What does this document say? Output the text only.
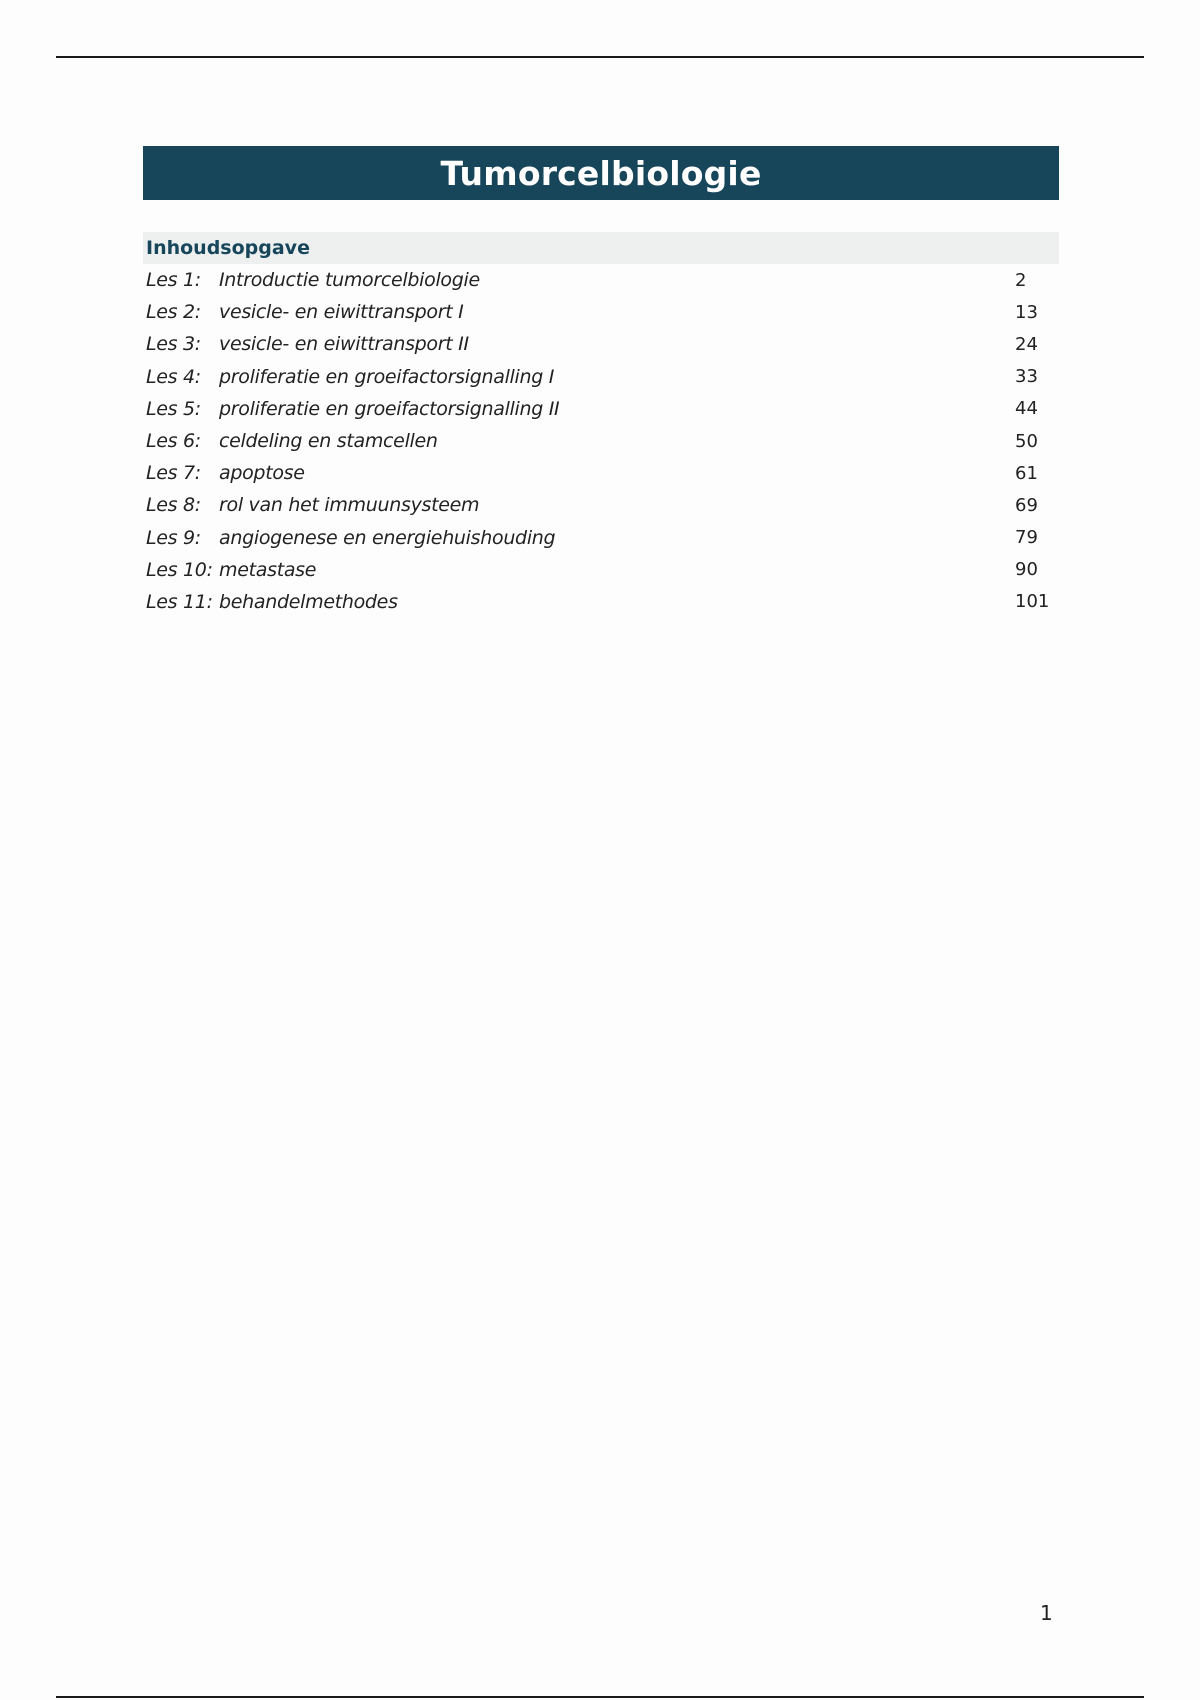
Tumorcelbiologie
Inhoudsopgave
Les 1: Introductie tumorcelbiologie	2
Les 2: vesicle- en eiwittransport I	13
Les 3: vesicle- en eiwittransport II	24
Les 4: proliferatie en groeifactorsignalling I	33
Les 5: proliferatie en groeifactorsignalling II	44
Les 6: celdeling en stamcellen	50
Les 7: apoptose	61
Les 8: rol van het immuunsysteem	69
Les 9: angiogenese en energiehuishouding	79
Les 10: metastase	90
Les 11: behandelmethodes	101
1
